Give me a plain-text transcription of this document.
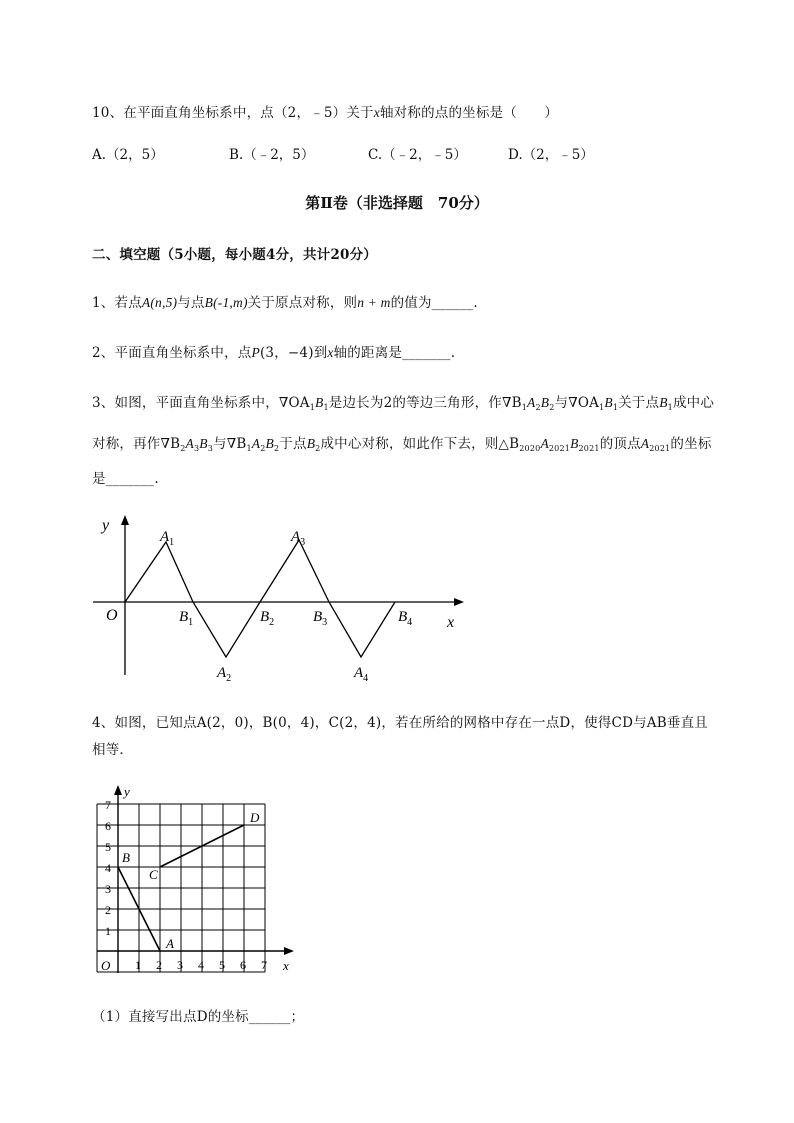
10、在平面直角坐标系中，点（2，﹣5）关于x轴对称的点的坐标是（　　）
A.（2，5）	B.（﹣2，5）	C.（﹣2，﹣5）	D.（2，﹣5）
第Ⅱ卷（非选择题　70分）
二、填空题（5小题，每小题4分，共计20分）
1、若点A(n,5)与点B(-1,m)关于原点对称，则n + m的值为______.
2、平面直角坐标系中，点P(3，−4)到x轴的距离是_______.
3、如图，平面直角坐标系中，$\nabla OA_1B_1$是边长为2的等边三角形，作$\nabla B_1A_2B_2$与$\nabla OA_1B_1$关于点$B_1$成中心
对称，再作$\nabla B_2A_3B_3$与$\nabla B_1A_2B_2$于点$B_2$成中心对称，如此作下去，则$\triangle B_{2020}A_{2021}B_{2021}$的顶点$A_{2021}$的坐标
是_______.
y
x
O
$A_1$	$A_3$
$A_2$	$A_4$
$B_1$	$B_2$	$B_3$	$B_4$
4、如图，已知点A(2，0)，B(0，4)，C(2，4)，若在所给的网格中存在一点D，使得CD与AB垂直且
相等．
1 2 3 4 5 6 7
1
2
3
4
5
6
7
O
y
x
B
A
C
D
（1）直接写出点D的坐标______；
